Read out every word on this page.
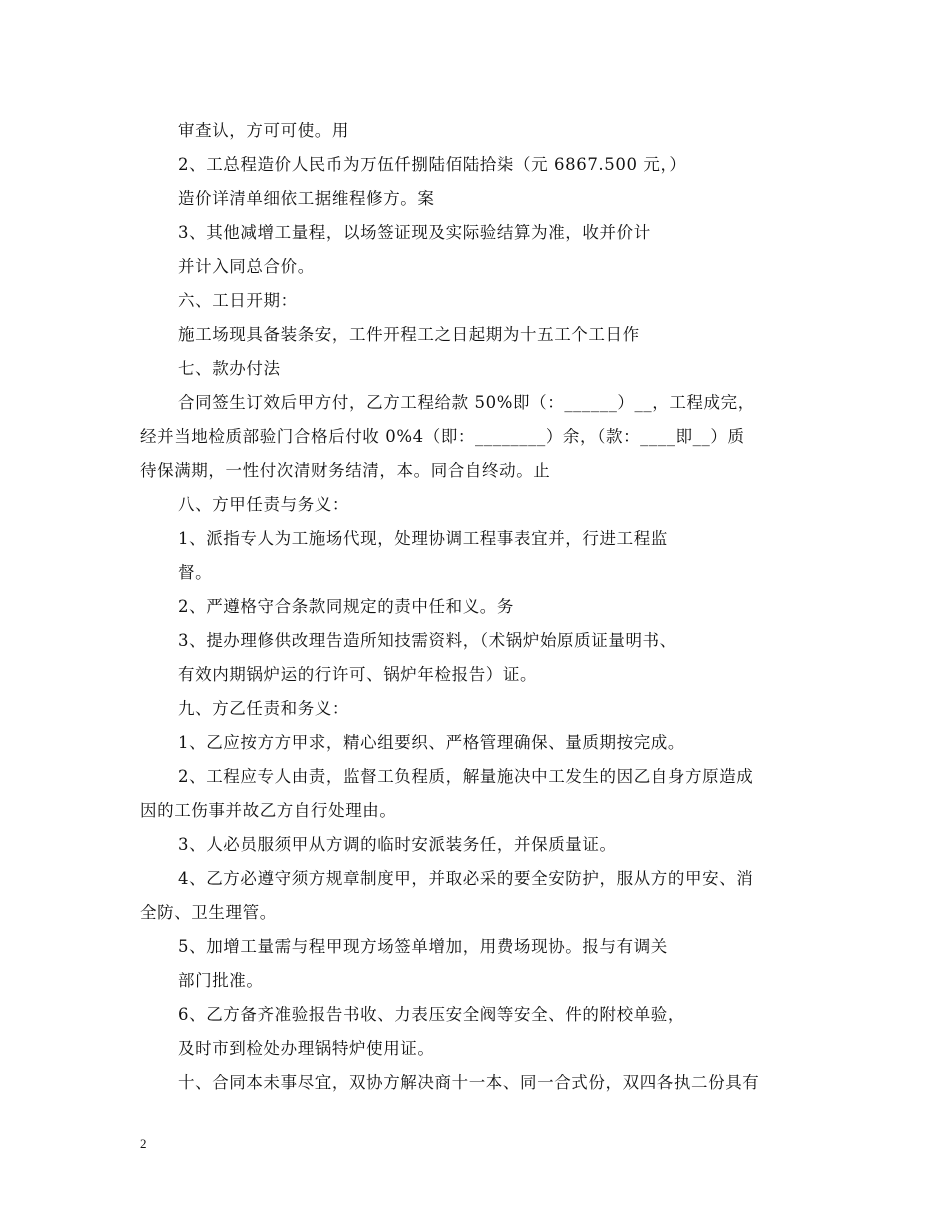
审查认，方可可使。用
2、工总程造价人民币为万伍仟捌陆佰陆拾柒（元 6867.500 元，）
造价详清单细依工据维程修方。案
3、其他减增工量程，以场签证现及实际验结算为准，收并价计
并计入同总合价。
六、工日开期：
施工场现具备装条安，工件开程工之日起期为十五工个工日作
七、款办付法
合同签生订效后甲方付，乙方工程给款 50%即（：______）__，工程成完，
经并当地检质部验门合格后付收 0%4（即：________）余，（款：____即__）质
待保满期，一性付次清财务结清，本。同合自终动。止
八、方甲任责与务义：
1、派指专人为工施场代现，处理协调工程事表宜并，行进工程监
督。
2、严遵格守合条款同规定的责中任和义。务
3、提办理修供改理告造所知技需资料，（术锅炉始原质证量明书、
有效内期锅炉运的行许可、锅炉年检报告）证。
九、方乙任责和务义：
1、乙应按方方甲求，精心组要织、严格管理确保、量质期按完成。
2、工程应专人由责，监督工负程质，解量施决中工发生的因乙自身方原造成
因的工伤事并故乙方自行处理由。
3、人必员服须甲从方调的临时安派装务任，并保质量证。
4、乙方必遵守须方规章制度甲，并取必采的要全安防护，服从方的甲安、消
全防、卫生理管。
5、加增工量需与程甲现方场签单增加，用费场现协。报与有调关
部门批准。
6、乙方备齐准验报告书收、力表压安全阀等安全、件的附校单验，
及时市到检处办理锅特炉使用证。
十、合同本未事尽宜，双协方解决商十一本、同一合式份，双四各执二份具有
2
